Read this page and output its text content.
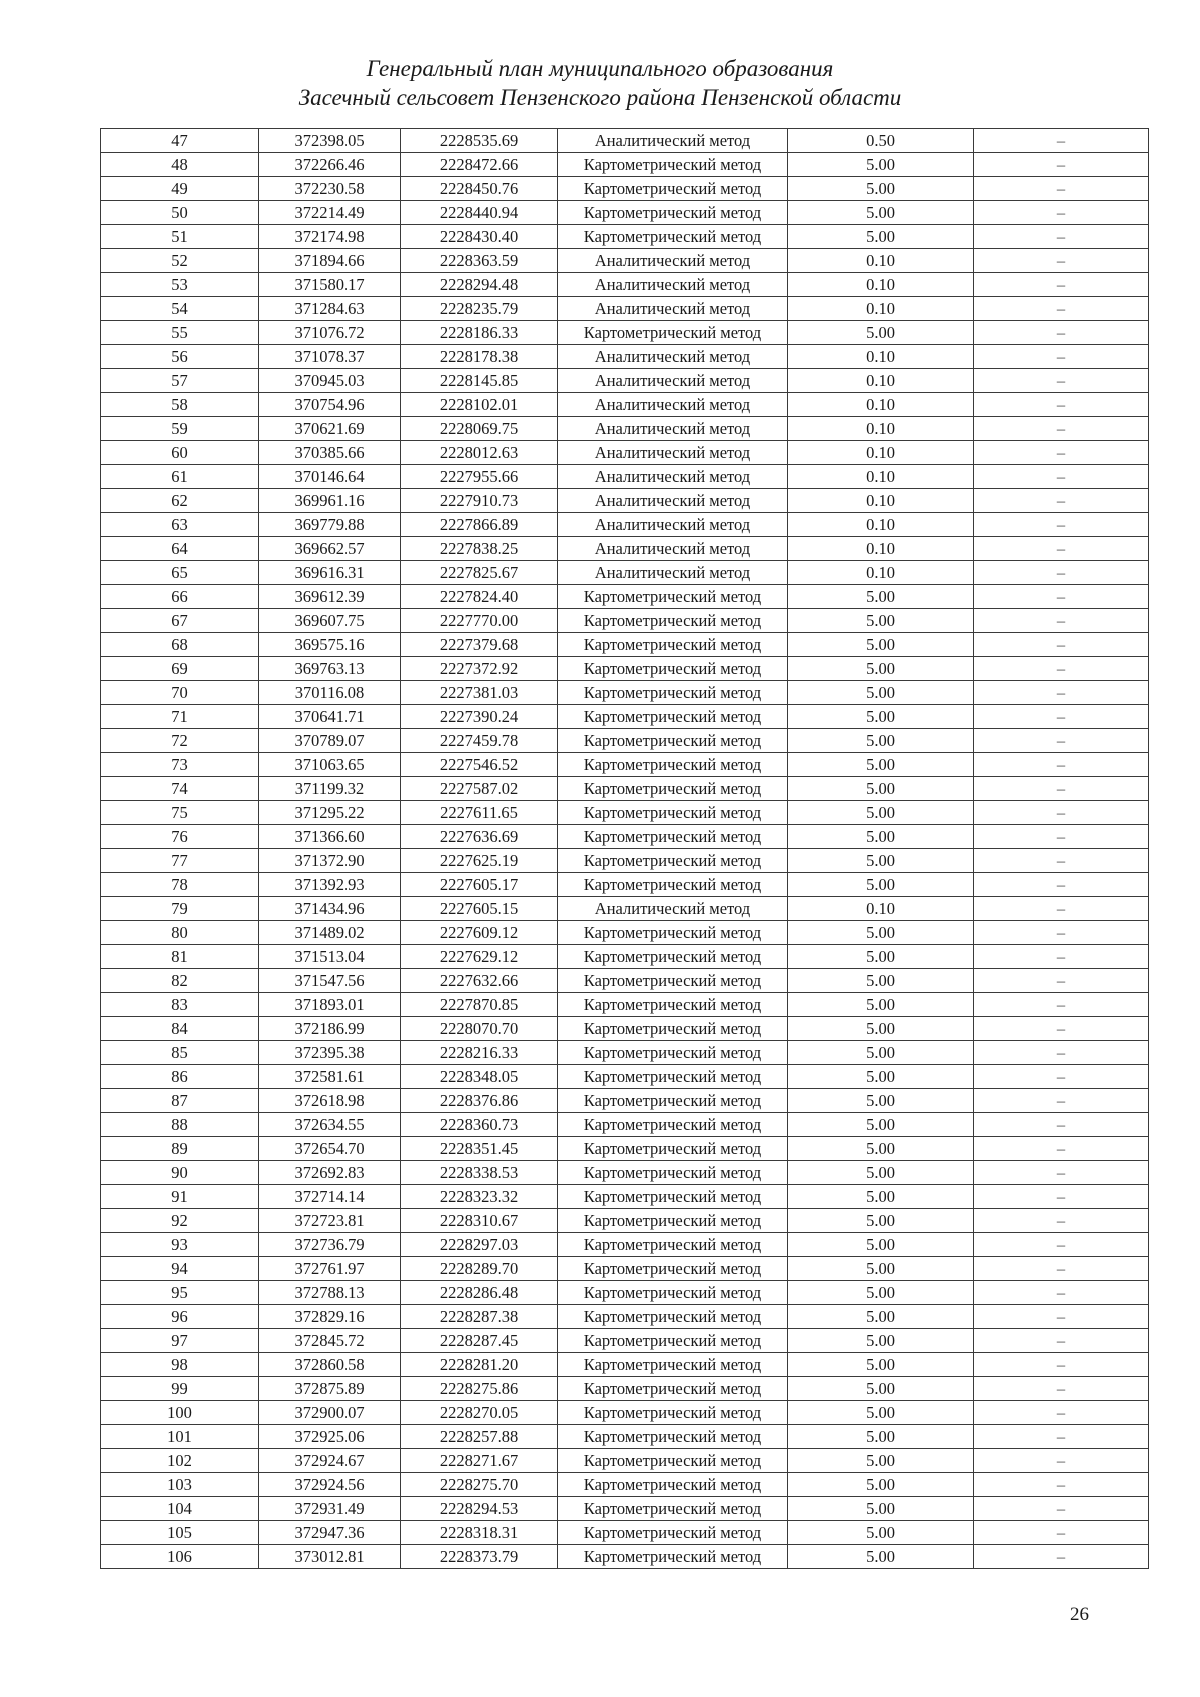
Генеральный план муниципального образования
Засечный сельсовет Пензенского района Пензенской области
47	372398.05	2228535.69	Аналитический метод	0.50	–
48	372266.46	2228472.66	Картометрический метод	5.00	–
49	372230.58	2228450.76	Картометрический метод	5.00	–
50	372214.49	2228440.94	Картометрический метод	5.00	–
51	372174.98	2228430.40	Картометрический метод	5.00	–
52	371894.66	2228363.59	Аналитический метод	0.10	–
53	371580.17	2228294.48	Аналитический метод	0.10	–
54	371284.63	2228235.79	Аналитический метод	0.10	–
55	371076.72	2228186.33	Картометрический метод	5.00	–
56	371078.37	2228178.38	Аналитический метод	0.10	–
57	370945.03	2228145.85	Аналитический метод	0.10	–
58	370754.96	2228102.01	Аналитический метод	0.10	–
59	370621.69	2228069.75	Аналитический метод	0.10	–
60	370385.66	2228012.63	Аналитический метод	0.10	–
61	370146.64	2227955.66	Аналитический метод	0.10	–
62	369961.16	2227910.73	Аналитический метод	0.10	–
63	369779.88	2227866.89	Аналитический метод	0.10	–
64	369662.57	2227838.25	Аналитический метод	0.10	–
65	369616.31	2227825.67	Аналитический метод	0.10	–
66	369612.39	2227824.40	Картометрический метод	5.00	–
67	369607.75	2227770.00	Картометрический метод	5.00	–
68	369575.16	2227379.68	Картометрический метод	5.00	–
69	369763.13	2227372.92	Картометрический метод	5.00	–
70	370116.08	2227381.03	Картометрический метод	5.00	–
71	370641.71	2227390.24	Картометрический метод	5.00	–
72	370789.07	2227459.78	Картометрический метод	5.00	–
73	371063.65	2227546.52	Картометрический метод	5.00	–
74	371199.32	2227587.02	Картометрический метод	5.00	–
75	371295.22	2227611.65	Картометрический метод	5.00	–
76	371366.60	2227636.69	Картометрический метод	5.00	–
77	371372.90	2227625.19	Картометрический метод	5.00	–
78	371392.93	2227605.17	Картометрический метод	5.00	–
79	371434.96	2227605.15	Аналитический метод	0.10	–
80	371489.02	2227609.12	Картометрический метод	5.00	–
81	371513.04	2227629.12	Картометрический метод	5.00	–
82	371547.56	2227632.66	Картометрический метод	5.00	–
83	371893.01	2227870.85	Картометрический метод	5.00	–
84	372186.99	2228070.70	Картометрический метод	5.00	–
85	372395.38	2228216.33	Картометрический метод	5.00	–
86	372581.61	2228348.05	Картометрический метод	5.00	–
87	372618.98	2228376.86	Картометрический метод	5.00	–
88	372634.55	2228360.73	Картометрический метод	5.00	–
89	372654.70	2228351.45	Картометрический метод	5.00	–
90	372692.83	2228338.53	Картометрический метод	5.00	–
91	372714.14	2228323.32	Картометрический метод	5.00	–
92	372723.81	2228310.67	Картометрический метод	5.00	–
93	372736.79	2228297.03	Картометрический метод	5.00	–
94	372761.97	2228289.70	Картометрический метод	5.00	–
95	372788.13	2228286.48	Картометрический метод	5.00	–
96	372829.16	2228287.38	Картометрический метод	5.00	–
97	372845.72	2228287.45	Картометрический метод	5.00	–
98	372860.58	2228281.20	Картометрический метод	5.00	–
99	372875.89	2228275.86	Картометрический метод	5.00	–
100	372900.07	2228270.05	Картометрический метод	5.00	–
101	372925.06	2228257.88	Картометрический метод	5.00	–
102	372924.67	2228271.67	Картометрический метод	5.00	–
103	372924.56	2228275.70	Картометрический метод	5.00	–
104	372931.49	2228294.53	Картометрический метод	5.00	–
105	372947.36	2228318.31	Картометрический метод	5.00	–
106	373012.81	2228373.79	Картометрический метод	5.00	–
26
